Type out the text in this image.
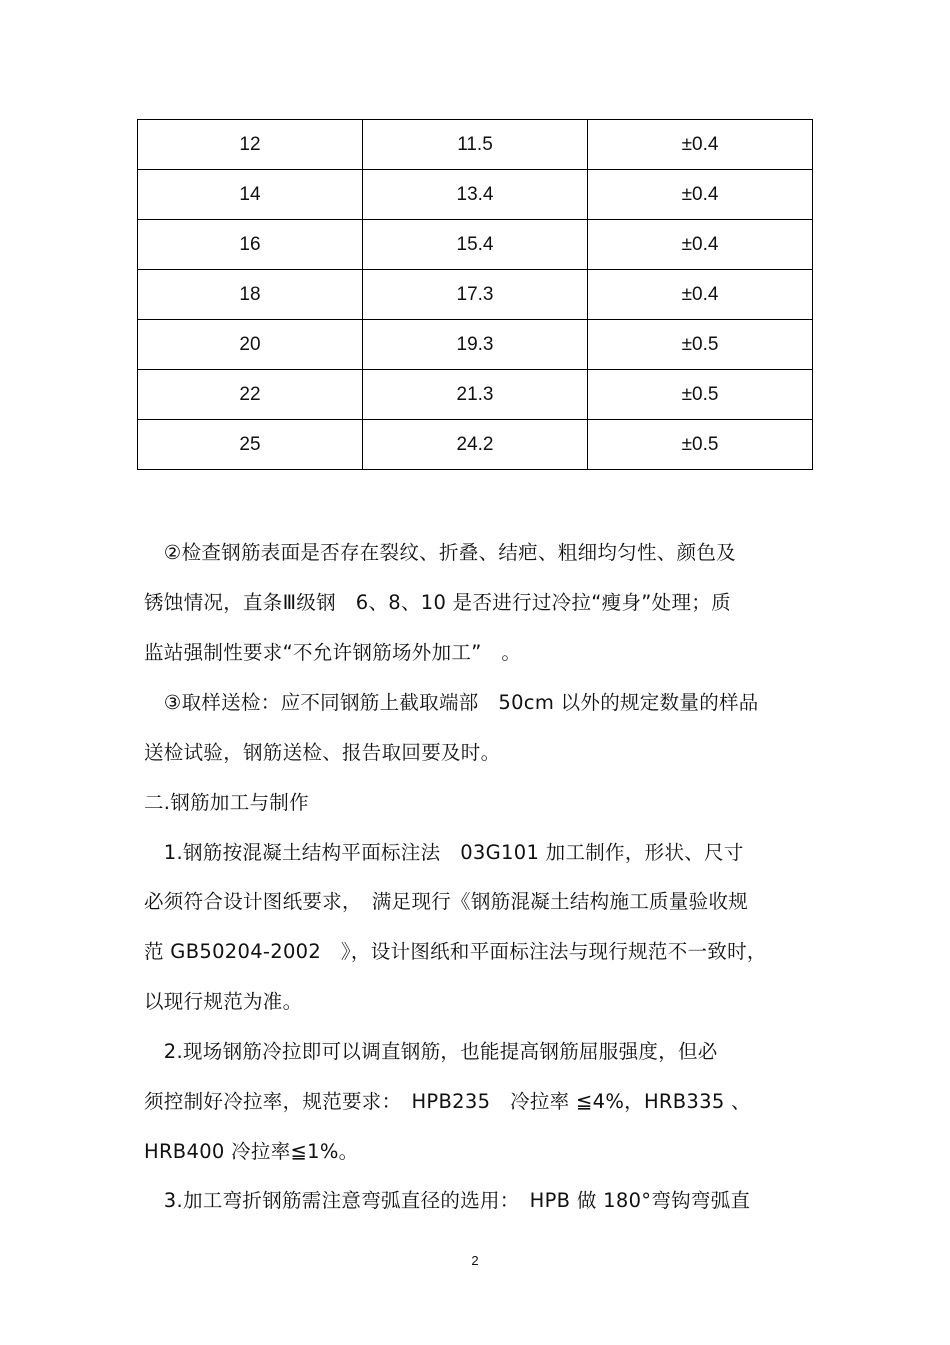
12	11.5	±0.4
14	13.4	±0.4
16	15.4	±0.4
18	17.3	±0.4
20	19.3	±0.5
22	21.3	±0.5
25	24.2	±0.5
　②检查钢筋表面是否存在裂纹、折叠、结疤、粗细均匀性、颜色及
锈蚀情况，直条Ⅲ级钢　6、8、10 是否进行过冷拉“瘦身”处理；质
监站强制性要求“不允许钢筋场外加工”　。
　③取样送检：应不同钢筋上截取端部　50cm 以外的规定数量的样品
送检试验，钢筋送检、报告取回要及时。
二.钢筋加工与制作
　1.钢筋按混凝土结构平面标注法　03G101 加工制作，形状、尺寸
必须符合设计图纸要求，　满足现行《钢筋混凝土结构施工质量验收规
范 GB50204-2002　》，设计图纸和平面标注法与现行规范不一致时，
以现行规范为准。
　2.现场钢筋冷拉即可以调直钢筋，也能提高钢筋屈服强度，但必
须控制好冷拉率，规范要求：　HPB235　冷拉率 ≦4%，HRB335 、
HRB400 冷拉率≦1%。
　3.加工弯折钢筋需注意弯弧直径的选用：　HPB 做 180°弯钩弯弧直
2
